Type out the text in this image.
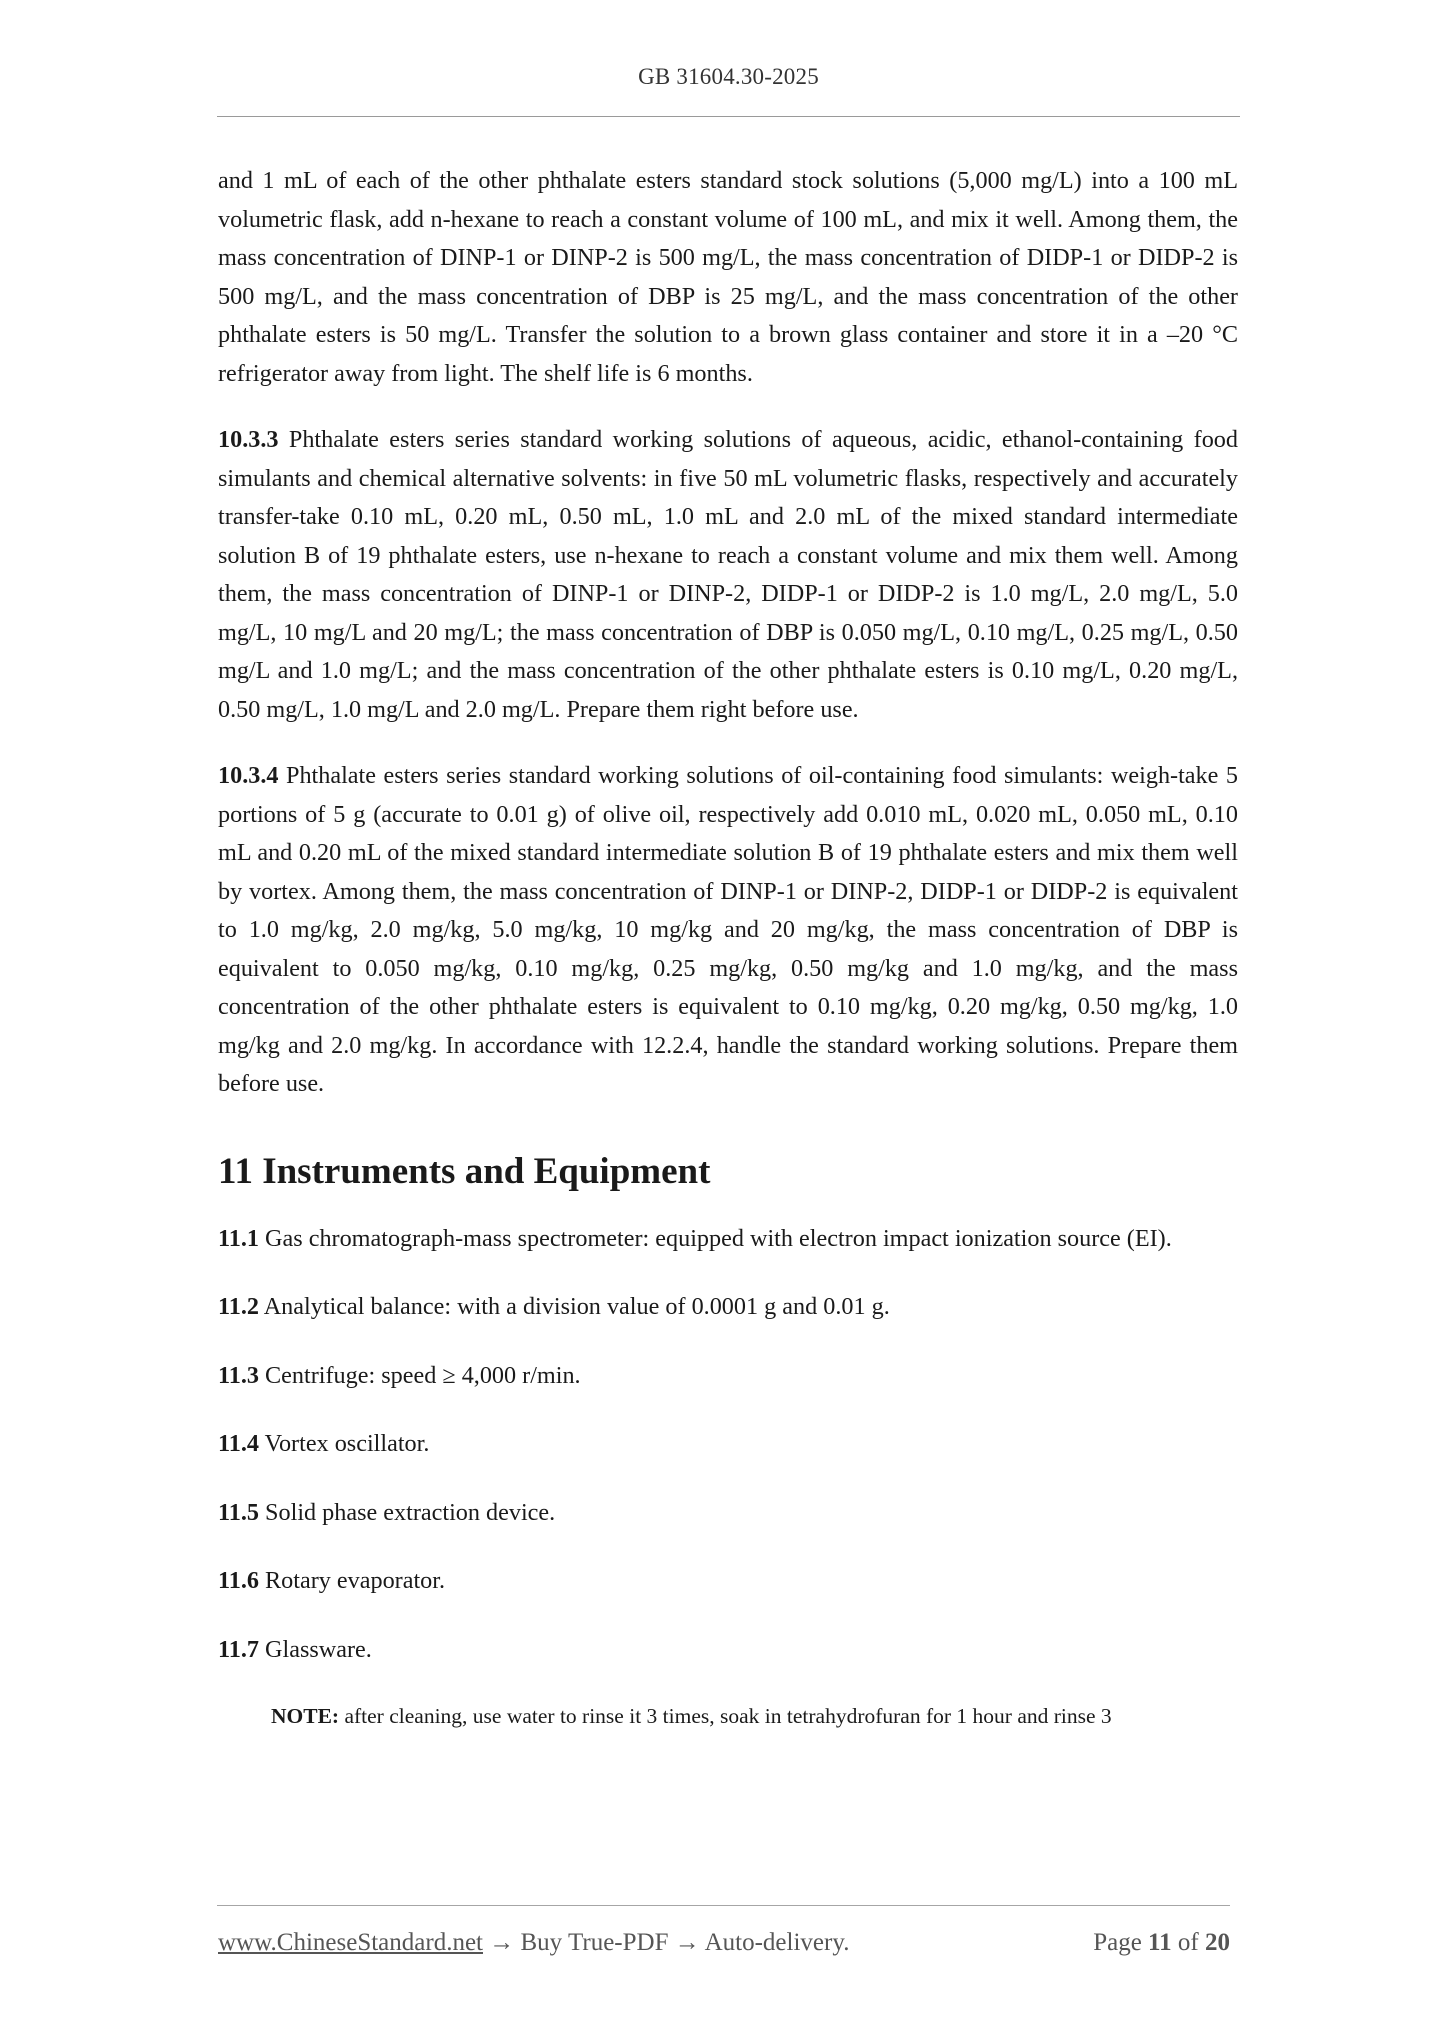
GB 31604.30-2025

and 1 mL of each of the other phthalate esters standard stock solutions (5,000 mg/L) into a 100 mL volumetric flask, add n-hexane to reach a constant volume of 100 mL, and mix it well. Among them, the mass concentration of DINP-1 or DINP-2 is 500 mg/L, the mass concentration of DIDP-1 or DIDP-2 is 500 mg/L, and the mass concentration of DBP is 25 mg/L, and the mass concentration of the other phthalate esters is 50 mg/L. Transfer the solution to a brown glass container and store it in a –20 °C refrigerator away from light. The shelf life is 6 months.

10.3.3 Phthalate esters series standard working solutions of aqueous, acidic, ethanol-containing food simulants and chemical alternative solvents: in five 50 mL volumetric flasks, respectively and accurately transfer-take 0.10 mL, 0.20 mL, 0.50 mL, 1.0 mL and 2.0 mL of the mixed standard intermediate solution B of 19 phthalate esters, use n-hexane to reach a constant volume and mix them well. Among them, the mass concentration of DINP-1 or DINP-2, DIDP-1 or DIDP-2 is 1.0 mg/L, 2.0 mg/L, 5.0 mg/L, 10 mg/L and 20 mg/L; the mass concentration of DBP is 0.050 mg/L, 0.10 mg/L, 0.25 mg/L, 0.50 mg/L and 1.0 mg/L; and the mass concentration of the other phthalate esters is 0.10 mg/L, 0.20 mg/L, 0.50 mg/L, 1.0 mg/L and 2.0 mg/L. Prepare them right before use.

10.3.4 Phthalate esters series standard working solutions of oil-containing food simulants: weigh-take 5 portions of 5 g (accurate to 0.01 g) of olive oil, respectively add 0.010 mL, 0.020 mL, 0.050 mL, 0.10 mL and 0.20 mL of the mixed standard intermediate solution B of 19 phthalate esters and mix them well by vortex. Among them, the mass concentration of DINP-1 or DINP-2, DIDP-1 or DIDP-2 is equivalent to 1.0 mg/kg, 2.0 mg/kg, 5.0 mg/kg, 10 mg/kg and 20 mg/kg, the mass concentration of DBP is equivalent to 0.050 mg/kg, 0.10 mg/kg, 0.25 mg/kg, 0.50 mg/kg and 1.0 mg/kg, and the mass concentration of the other phthalate esters is equivalent to 0.10 mg/kg, 0.20 mg/kg, 0.50 mg/kg, 1.0 mg/kg and 2.0 mg/kg. In accordance with 12.2.4, handle the standard working solutions. Prepare them before use.

11 Instruments and Equipment

11.1 Gas chromatograph-mass spectrometer: equipped with electron impact ionization source (EI).

11.2 Analytical balance: with a division value of 0.0001 g and 0.01 g.

11.3 Centrifuge: speed ≥ 4,000 r/min.

11.4 Vortex oscillator.

11.5 Solid phase extraction device.

11.6 Rotary evaporator.

11.7 Glassware.

NOTE: after cleaning, use water to rinse it 3 times, soak in tetrahydrofuran for 1 hour and rinse 3

www.ChineseStandard.net → Buy True-PDF → Auto-delivery.	Page 11 of 20
